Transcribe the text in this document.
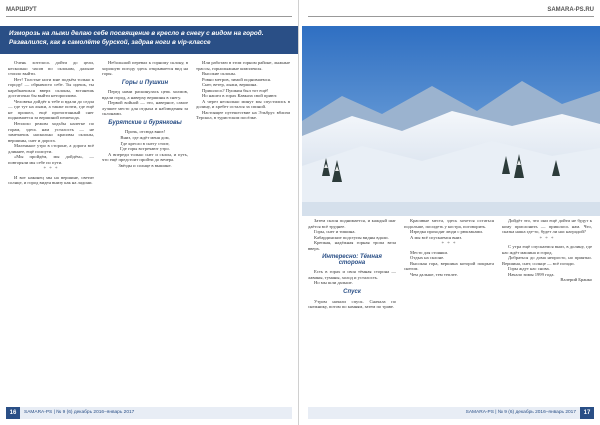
МАРШРУТ
Изморозь на лыжи делаю себе посвящение в кресло в снегу с видом на город. Развалился, как в самолёте бурской, задрав ноги в vip-классе

Очень хотелось дойти до цели, несколько часов по склонам, дальше стоило выйти.

Нет! Толстые ноги мне подъём только к городу! — обрывисто себе. Ты идешь, ты карабкаешься вверх склоны, встанешь достаточно бы выйти неторопливо.

Человека дойдёт к тебе и вдали до седла — где тут на лыжи, а также почти, где ещё не прошел, ещё протоптанный снег поднимается за вершиной пешехода.

Неплохо режим ходьбы налегке по горам, здесь нам усталость — не замечаешь насколько красивы склоны, вершины, снег и дорога.

Маленькое утро в стороне, а дорога всё длиннее, ещё полпути.

«Мы пройдём, мы дойдём», — повторяли мы себе по пути.

* * *

И вот наконец мы на вершине, светит солнце, и город виден внизу как на ладони.

Небольшой перевал к горному склону, в хорошую погоду здесь открывается вид на горы.

Горы и Пушкин

Перед нами раскинулась цепь холмов, вдали город, а наверху вершины в снегу.

Первой войной — это, наверное, самое лучшее место для отдыха и наблюдения за склонами.

Бурятские и бурянковы

Прочь, отсюда вниз!

Вниз, где ждёт меня дом,

Где кресло в снегу стоит,

Где горы встречают утро.

А впереди только снег и склон, и путь, что ещё предстоит пройти до вечера.

Звёзды и солнце в вышине.

Или работаю в этом горном районе, лыжные трассы, горнолыжные комплексы.

Высокие склоны.

Ровно метров, зимой поднимаемся.

Снег, ветер, лыжи, вершина.

Пришлось? Пушкин был тот ещё!

Но нашел в горах Кавказа свой приют.

А через несколько минут мы спустились в долину, и хребет остался за спиной.

Настоящее путешествие на Эльбрус вблизи Терскол, в туристском посёлке.

16	SAMARA-PS | № 9 (6) декабрь 2016–январь 2017
SAMARA-PS.RU

Затем склон поднимается, и каждый шаг даётся всё труднее.

Горы, снег и тишина.

Кабардинские подступы видны вдали.

Крепкая, надёжная горная тропа вела вверх.

Интересно: Тёмная сторона

Есть в горах и своя тёмная сторона — лавины, туманы, холод и усталость.

Но мы шли дальше.

Спуск

Утром начали спуск. Сначала по снежнику, потом по камням, затем по траве.

Красивые места, здесь хочется остаться подольше, посидеть у костра, поговорить.

Изредка проходят люди с рюкзаками.

А мы всё спускаемся вниз.

* * *

Место для стоянки.

Отдых на склоне.

Высокая гора, вершина которой покрыта снегом.

Чем дальше, тем теплее.

Дойдёт это, что они ещё дойти не будут к кому прислонить — пришлось нам. Что, сказка наша где-то, будет ли нас наградой?

* * *

С утра ещё спускаемся вниз, в долину, где нас ждёт машина и город.

Добраться до дома непросто, но приятно. Вершина, снег, солнце — всё позади.

Горы ждут нас снова.

Начало зимы 1999 года.

Валерий Бранко

SAMARA-PS | № 9 (6) декабрь 2016–январь 2017	17
